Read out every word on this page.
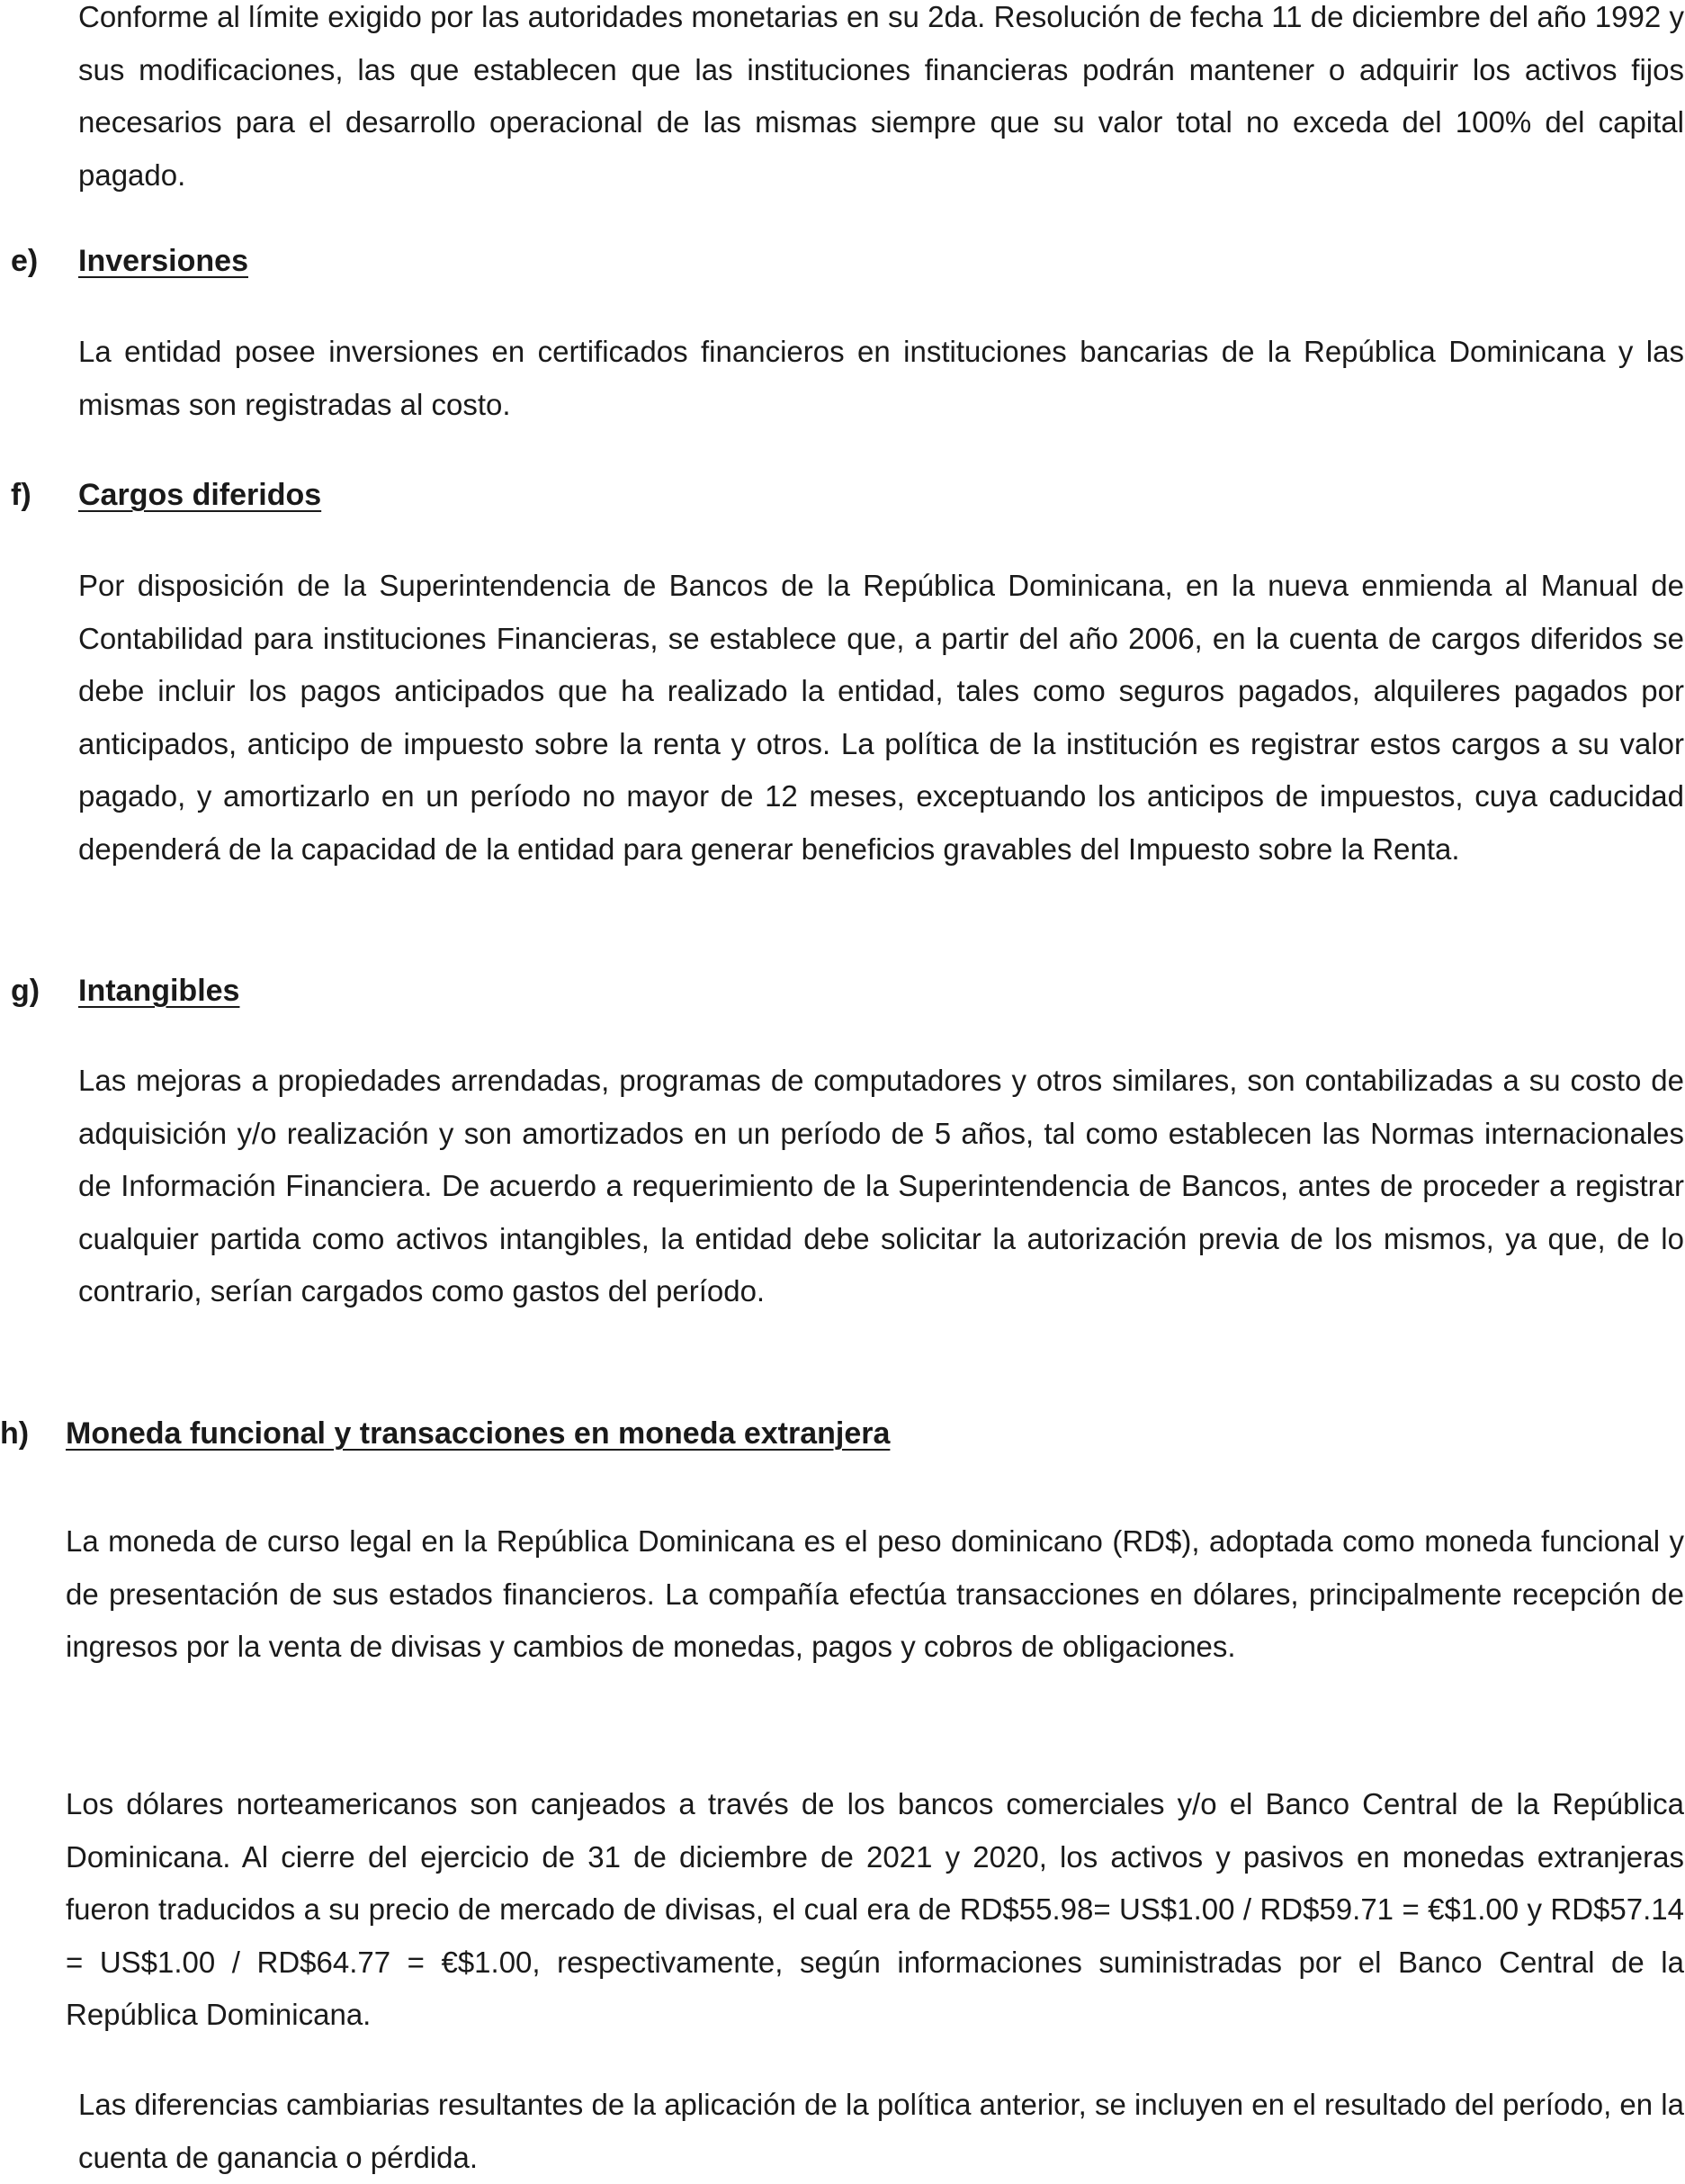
Conforme al límite exigido por las autoridades monetarias en su 2da. Resolución de fecha 11 de diciembre del año 1992 y sus modificaciones, las que establecen que las instituciones financieras podrán mantener o adquirir los activos fijos necesarios para el desarrollo operacional de las mismas siempre que su valor total no exceda del 100% del capital pagado.

e) Inversiones

La entidad posee inversiones en certificados financieros en instituciones bancarias de la República Dominicana y las mismas son registradas al costo.

f) Cargos diferidos

Por disposición de la Superintendencia de Bancos de la República Dominicana, en la nueva enmienda al Manual de Contabilidad para instituciones Financieras, se establece que, a partir del año 2006, en la cuenta de cargos diferidos se debe incluir los pagos anticipados que ha realizado la entidad, tales como seguros pagados, alquileres pagados por anticipados, anticipo de impuesto sobre la renta y otros. La política de la institución es registrar estos cargos a su valor pagado, y amortizarlo en un período no mayor de 12 meses, exceptuando los anticipos de impuestos, cuya caducidad dependerá de la capacidad de la entidad para generar beneficios gravables del Impuesto sobre la Renta.

g) Intangibles

Las mejoras a propiedades arrendadas, programas de computadores y otros similares, son contabilizadas a su costo de adquisición y/o realización y son amortizados en un período de 5 años, tal como establecen las Normas internacionales de Información Financiera. De acuerdo a requerimiento de la Superintendencia de Bancos, antes de proceder a registrar cualquier partida como activos intangibles, la entidad debe solicitar la autorización previa de los mismos, ya que, de lo contrario, serían cargados como gastos del período.

h) Moneda funcional y transacciones en moneda extranjera

La moneda de curso legal en la República Dominicana es el peso dominicano (RD$), adoptada como moneda funcional y de presentación de sus estados financieros. La compañía efectúa transacciones en dólares, principalmente recepción de ingresos por la venta de divisas y cambios de monedas, pagos y cobros de obligaciones.

Los dólares norteamericanos son canjeados a través de los bancos comerciales y/o el Banco Central de la República Dominicana. Al cierre del ejercicio de 31 de diciembre de 2021 y 2020, los activos y pasivos en monedas extranjeras fueron traducidos a su precio de mercado de divisas, el cual era de RD$55.98= US$1.00 / RD$59.71 = €$1.00 y RD$57.14 = US$1.00 / RD$64.77 = €$1.00, respectivamente, según informaciones suministradas por el Banco Central de la República Dominicana.

Las diferencias cambiarias resultantes de la aplicación de la política anterior, se incluyen en el resultado del período, en la cuenta de ganancia o pérdida.
